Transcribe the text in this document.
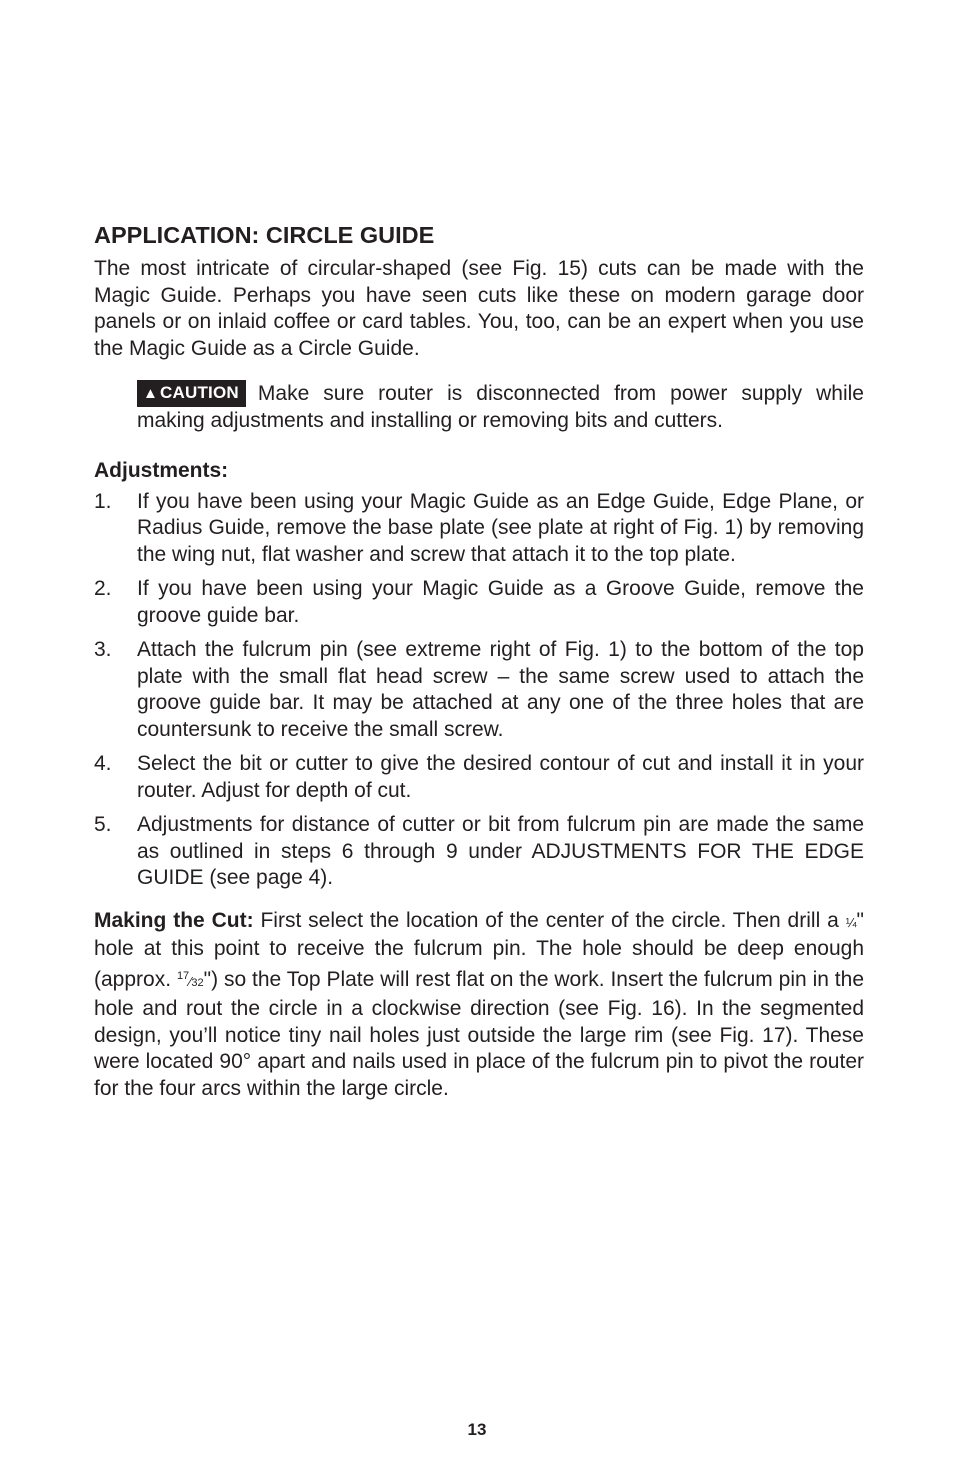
APPLICATION: CIRCLE GUIDE

The most intricate of circular-shaped (see Fig. 15) cuts can be made with the Magic Guide. Perhaps you have seen cuts like these on modern garage door panels or on inlaid coffee or card tables. You, too, can be an expert when you use the Magic Guide as a Circle Guide.

▲ CAUTION Make sure router is disconnected from power supply while making adjustments and installing or removing bits and cutters.
Adjustments:
1. If you have been using your Magic Guide as an Edge Guide, Edge Plane, or Radius Guide, remove the base plate (see plate at right of Fig. 1) by removing the wing nut, flat washer and screw that attach it to the top plate.
2. If you have been using your Magic Guide as a Groove Guide, remove the groove guide bar.
3. Attach the fulcrum pin (see extreme right of Fig. 1) to the bottom of the top plate with the small flat head screw – the same screw used to attach the groove guide bar. It may be attached at any one of the three holes that are countersunk to receive the small screw.
4. Select the bit or cutter to give the desired contour of cut and install it in your router. Adjust for depth of cut.
5. Adjustments for distance of cutter or bit from fulcrum pin are made the same as outlined in steps 6 through 9 under ADJUSTMENTS FOR THE EDGE GUIDE (see page 4).

Making the Cut: First select the location of the center of the circle. Then drill a ¼" hole at this point to receive the fulcrum pin. The hole should be deep enough (approx. $^{17}$⁄32") so the Top Plate will rest flat on the work. Insert the fulcrum pin in the hole and rout the circle in a clockwise direction (see Fig. 16). In the segmented design, you’ll notice tiny nail holes just outside the large rim (see Fig. 17). These were located 90° apart and nails used in place of the fulcrum pin to pivot the router for the four arcs within the large circle.

13
